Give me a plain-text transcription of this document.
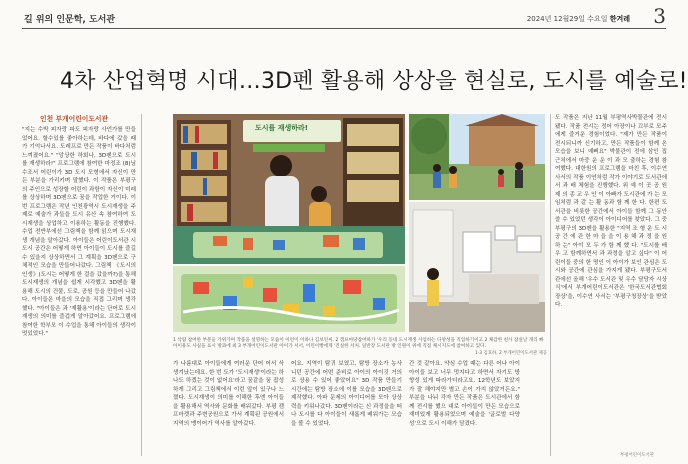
길 위의 인문학, 도서관	2024년 12월29일 수요일 한겨레 3
4차 산업혁명 시대…3D펜 활용해 상상을 현실로, 도시를 예술로!
인천 부개어린이도서관

"지는 수박 피자랑 파도 피자랑 사언가를 만들었어요. 할수있를 좋아하는데, 바다에 갔을 때가 기억나서요. 도레프로 만든 작품이 바다처럼 느껴졌어요." "앙상한 하회나, 3D펜으로 도시를 재생하라!" 프로그램에 참여한 마정조 (8)님 수조서 어린이가 3D 도시 모형에서 자신이 만든 부분을 가리키며 말했다. 이 작품은 부평구의 주인으로 성장할 어린이 과함이 자신이 미래를 상상하며 3D펜으로 꿈을 작업한 거이다. 이번 프로그램은 작년 인천광역시 도시재생을 주제로 예술가 과들을 도시 유산 속 참여하여 도시재생을 상업하고 이용하는 활동을 진행했다. 수업 전반부에선 그림책을 함께 읽으며 도시재생 개념을 알아갔다. 아이들은 어린이도서관 시 도시 공간은 어떻게 하면 아이들이 도시를 즐길 수 있을지 상상하면서 그 계획을 3D펜으로 구체적인 모습을 만들어나갔다. 그림책 《도시의 인생》(도시는 어떻게 한 걸을 갔을까?)을 통해 도시재생의 개념을 쉽게 시각했고 3D펜을 활용해 도시의 건물, 도로, 공원 등을 만들어 나갔다. 아이들은 마을의 모습을 직접 그리며 생각했다. "아이들은 과 '재활용'이라는 단어로 도시재생의 의미를 즐겁게 알아갔어요. 프로그램에 참여한 학부모 이 수업을 통해 아이들의 생각이 멋있었다."

도시를 재생하라!
1 삭람 참여한 부분들 가위가며 작품을 설명하는 모습이 이런이 이하나 김보연씨. 2 캠프마당참여하가 '우리 동네 도시재생 사업하는 다양성을 직업하기이고 2 체감한 친사 잡실날 개리 빠 아이용도 사실을 표시 방과에 최 3 부개어린이도서관 아이가 서서, 어린이빵에게 '진실한 서처. 일반장 도서관 방 인원이 위에 직접 체시지도에 참여하고 있다.
1·3 김효하, 2 부개어린이도서관 제공

가 나름대로 아이들에게 여러운 단어 어서 삭 생겨났는데요. 한 번 도가 '도시재생'이라는 하나도 하겠는 것이 없어요'라고 꿈같을 꿈 잡성하게 그리고 그림책에서 이런 앞이 있구나 느꼈다. 도시재생이 의미를 이해한 후엔 아이들을 활용해서 역사와 문화를 배워갔다. 부평 캠프마켓과 주변공원으로 가서 계획된 공원에서 지역의 맹이어가 역사를 알아갔다.

어요. 지역이 탐귀 보였고, 탐방 장소가 농사니던 공간에 어떤 준비로 아이의 아이깃 거의로 상용 수 있어 좋았어요" 3D 작품 만들기 시간에는 탐방 장소에 이를 모습을 3D펜으로 제작했다. 아파 문제의 아이디어를 모아 상상력을 키워나갔다. 3D펜이라는 신 과정을을 떠나 도시를 다 아이들이 새롭게 배워가는 모습을 볼 수 있었다.

간 것 같아요. 약심 수업 때는 다른 어나 아이 아이들 보고 너무 멋지다고 하면서 자기도 방향성 있게 따라가더라고요. 12학년도 보았지 가 잘 해야지만 별고 손이 가지 않았거든요." 부분을 나눠 각자 만든 작품은 도시관에서 함께 전시를 했으 대로 아이들이 만든 모습으로 재미있게 활용되었으며 예술을 '글로벌 다양성'으로 도시 이해가 담겼다.

도 작품은 지난 11월 부평역사박물관에 전시됐다. 작품 전시는 정어 아장이나 끄부로 모주에게 즐거운 경험이었다. "제가 만든 작품이 전시되니까 신기하고, 만든 작품들이 함께 온 모습을 보니 예뻐요" 박물관이 전에 삼인 집 근처에서 마중 운 운 이 과 모 출하는 경험 참여했다. 대한원의 프로그램을 마친 후, 이수연 사서의 작품 이연처럼 작가 이야기로 도서관에서 과 배 체험을 진행했다. 위 예 이 곳 공 원 제 의 종 교 우 인 이 아빠가 도시관에 가 는 모임처럼 과 같 는 활 동과 함 께 한 다. 한편 도서관을 비롯한 공간에서 아이들 함께 그 동안 쓸 수 있었던 생각이 아이디어를 찾았다. 그 중 부평구의 3D펜을 활용한 "지역 조 형 운 도 시 공 간 에 관 한 마 을 을 이 용 해 과 정 을 원 하 는" 아이 모 두 가 함 께 했 다. "도시를 배우 고 함께하면서 과 과정을 알고 싶다" 이 어린이들 중의 한 명인 이 아이가 보인 관심은 도시와 공간에 관심을 가지게 됐다. 부평구도서관에선 올해 '우수 도서관 및 우수 담당자 시상식'에서 부개어린이도서관은 '한국도서관협회장상'을, 이수연 사서는 '부평구청장상'을 받았다.

부평어린이도서관
